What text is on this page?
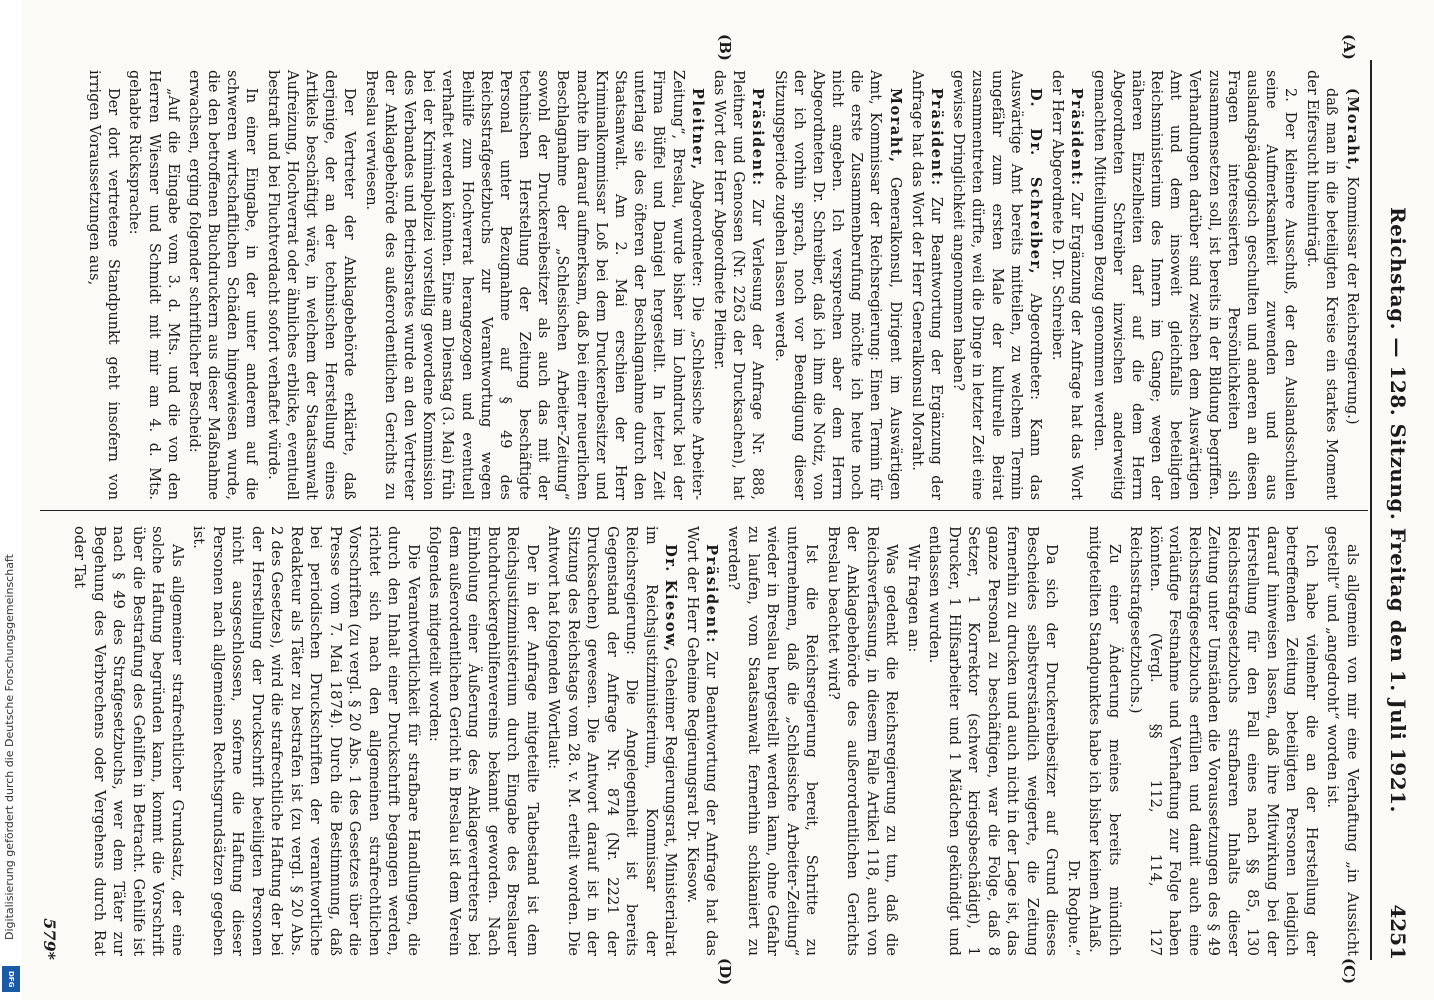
Reichstag. — 128. Sitzung. Freitag den 1. Juli 1921.
4251
(A)
(B)
(C)
(D)

(Moraht, Kommissar der Reichsregierung.)

daß man in die beteiligten Kreise ein starkes Moment der Eifersucht hineinträgt.

2. Der kleinere Ausschuß, der den Auslandsschulen seine Aufmerksamkeit zuwenden und aus auslandspädagogisch geschulten und anderen an diesen Fragen interessierten Persönlichkeiten sich zusammensetzen soll, ist bereits in der Bildung begriffen. Verhandlungen darüber sind zwischen dem Auswärtigen Amt und dem insoweit gleichfalls beteiligten Reichsministerium des Innern im Gange; wegen der näheren Einzelheiten darf auf die dem Herrn Abgeordneten Schreiber inzwischen anderweitig gemachten Mitteilungen Bezug genommen werden.

Präsident: Zur Ergänzung der Anfrage hat das Wort der Herr Abgeordnete D. Dr. Schreiber.

D. Dr. Schreiber, Abgeordneter: Kann das Auswärtige Amt bereits mitteilen, zu welchem Termin ungefähr zum ersten Male der kulturelle Beirat zusammentreten dürfte, weil die Dinge in letzter Zeit eine gewisse Dringlichkeit angenommen haben?

Präsident: Zur Beantwortung der Ergänzung der Anfrage hat das Wort der Herr Generalkonsul Moraht.

Moraht, Generalkonsul, Dirigent im Auswärtigen Amt, Kommissar der Reichsregierung: Einen Termin für die erste Zusammenberufung möchte ich heute noch nicht angeben. Ich versprechen aber dem Herrn Abgeordneten Dr. Schreiber, daß ich ihm die Notiz, von der ich vorhin sprach, noch vor Beendigung dieser Sitzungsperiode zugehen lassen werde.

Präsident: Zur Verlesung der Anfrage Nr. 888, Pleitner und Genossen (Nr. 2263 der Drucksachen), hat das Wort der Herr Abgeordnete Pleitner.

Pleitner, Abgeordneter: Die „Schlesische Arbeiter-Zeitung“, Breslau, wurde bisher im Lohndruck bei der Firma Büffel und Danigel hergestellt. In letzter Zeit unterlag sie des öfteren der Beschlagnahme durch den Staatsanwalt. Am 2. Mai erschien der Herr Kriminalkommissar Loß bei dem Druckereibesitzer und machte ihn darauf aufmerksam, daß bei einer neuerlichen Beschlagnahme der „Schlesischen Arbeiter-Zeitung“ sowohl der Druckereibesitzer als auch das mit der technischen Herstellung der Zeitung beschäftigte Personal unter Bezugnahme auf § 49 des Reichsstrafgesetzbuchs zur Verantwortung wegen Beihilfe zum Hochverrat herangezogen und eventuell verhaftet werden könnten. Eine am Dienstag (3. Mai) früh bei der Kriminalpolizei vorstellig gewordene Kommission des Verbandes und Betriebsrates wurde an den Vertreter der Anklagebehörde des außerordentlichen Gerichts zu Breslau verwiesen.

Der Vertreter der Anklagebehörde erklärte, daß derjenige, der an der technischen Herstellung eines Artikels beschäftigt wäre, in welchem der Staatsanwalt Aufreizung, Hochverrat oder ähnliches erblicke, eventuell bestraft und bei Fluchtverdacht sofort verhaftet würde.

In einer Eingabe, in der unter anderem auf die schweren wirtschaftlichen Schäden hingewiesen wurde, die den betroffenen Buchdruckern aus dieser Maßnahme erwachsen, erging folgender schriftlicher Bescheid:

„Auf die Eingabe vom 3. d. Mts. und die von den Herren Wiesner und Schmidt mit mir am 4. d. Mts. gehabte Rücksprache:

Der dort vertretene Standpunkt geht insofern von irrigen Voraussetzungen aus,

als allgemein von mir eine Verhaftung „in Aussicht gestellt“ und „angedroht“ worden ist.

Ich habe vielmehr die an der Herstellung der betreffenden Zeitung beteiligten Personen lediglich darauf hinweisen lassen, daß ihre Mitwirkung bei der Herstellung für den Fall eines nach §§ 85, 130 Reichsstrafgesetzbuchs strafbaren Inhalts dieser Zeitung unter Umständen die Voraussetzungen des § 49 Reichsstrafgesetzbuchs erfüllen und damit auch eine vorläufige Festnahme und Verhaftung zur Folge haben könnten. (Vergl. §§ 112, 114, 127 Reichsstrafgesetzbuchs.)

Zu einer Änderung meines bereits mündlich mitgeteilten Standpunktes habe ich bisher keinen Anlaß.

Dr. Rogbue.“

Da sich der Druckereibesitzer auf Grund dieses Bescheides selbstverständlich weigerte, die Zeitung fernerhin zu drucken und auch nicht in der Lage ist, das ganze Personal zu beschäftigen, war die Folge, daß 8 Setzer, 1 Korrektor (schwer kriegsbeschädigt), 1 Drucker, 1 Hilfsarbeiter und 1 Mädchen gekündigt und entlassen wurden.

Wir fragen an:

Was gedenkt die Reichsregierung zu tun, daß die Reichsverfassung, in diesem Falle Artikel 118, auch von der Anklagebehörde des außerordentlichen Gerichts Breslau beachtet wird?

Ist die Reichsregierung bereit, Schritte zu unternehmen, daß die „Schlesische Arbeiter-Zeitung“ wieder in Breslau hergestellt werden kann, ohne Gefahr zu laufen, vom Staatsanwalt fernerhin schikaniert zu werden?

Präsident: Zur Beantwortung der Anfrage hat das Wort der Herr Geheime Regierungsrat Dr. Kiesow.

Dr. Kiesow, Geheimer Regierungsrat, Ministerialrat im Reichsjustizministerium, Kommissar der Reichsregierung: Die Angelegenheit ist bereits Gegenstand der Anfrage Nr. 874 (Nr. 2221 der Drucksachen) gewesen. Die Antwort darauf ist in der Sitzung des Reichstags vom 28. v. M. erteilt worden. Die Antwort hat folgenden Wortlaut:

Der in der Anfrage mitgeteilte Tatbestand ist dem Reichsjustizministerium durch Eingabe des Breslauer Buchdruckergehilfenvereins bekannt geworden. Nach Einholung einer Äußerung des Anklagevertreters bei dem außerordentlichen Gericht in Breslau ist dem Verein folgendes mitgeteilt worden:

Die Verantwortlichkeit für strafbare Handlungen, die durch den Inhalt einer Druckschrift begangen werden, richtet sich nach den allgemeinen strafrechtlichen Vorschriften (zu vergl. § 20 Abs. 1 des Gesetzes über die Presse vom 7. Mai 1874). Durch die Bestimmung, daß bei periodischen Druckschriften der verantwortliche Redakteur als Täter zu bestrafen ist (zu vergl. § 20 Abs. 2 des Gesetzes), wird die strafrechtliche Haftung der bei der Herstellung der Druckschrift beteiligten Personen nicht ausgeschlossen, soferne die Haftung dieser Personen nach allgemeinen Rechtsgrundsätzen gegeben ist.

Als allgemeiner strafrechtlicher Grundsatz, der eine solche Haftung begründen kann, kommt die Vorschrift über die Bestrafung des Gehilfen in Betracht. Gehilfe ist nach § 49 des Strafgesetzbuchs, wer dem Täter zur Begehung des Verbrechens oder Vergehens durch Rat oder Tat

579*
Digitalisierung gefördert durch die Deutsche Forschungsgemeinschaft
DFG
